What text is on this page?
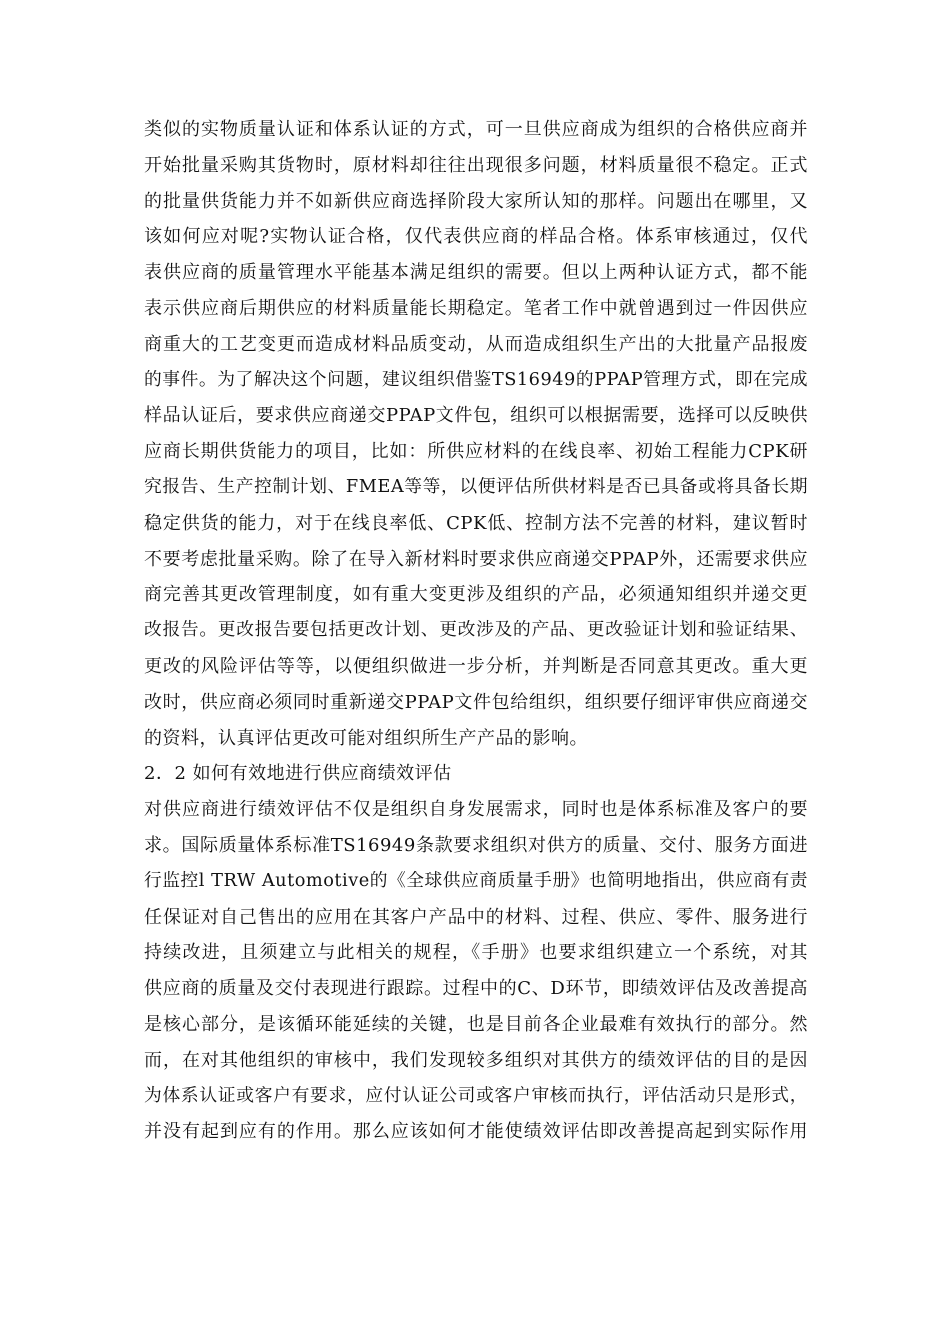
类似的实物质量认证和体系认证的方式，可一旦供应商成为组织的合格供应商并
开始批量采购其货物时，原材料却往往出现很多问题，材料质量很不稳定。正式
的批量供货能力并不如新供应商选择阶段大家所认知的那样。问题出在哪里，又
该如何应对呢?实物认证合格，仅代表供应商的样品合格。体系审核通过，仅代
表供应商的质量管理水平能基本满足组织的需要。但以上两种认证方式，都不能
表示供应商后期供应的材料质量能长期稳定。笔者工作中就曾遇到过一件因供应
商重大的工艺变更而造成材料品质变动，从而造成组织生产出的大批量产品报废
的事件。为了解决这个问题，建议组织借鉴TS16949的PPAP管理方式，即在完成
样品认证后，要求供应商递交PPAP文件包，组织可以根据需要，选择可以反映供
应商长期供货能力的项目，比如：所供应材料的在线良率、初始工程能力CPK研
究报告、生产控制计划、FMEA等等，以便评估所供材料是否已具备或将具备长期
稳定供货的能力，对于在线良率低、CPK低、控制方法不完善的材料，建议暂时
不要考虑批量采购。除了在导入新材料时要求供应商递交PPAP外，还需要求供应
商完善其更改管理制度，如有重大变更涉及组织的产品，必须通知组织并递交更
改报告。更改报告要包括更改计划、更改涉及的产品、更改验证计划和验证结果、
更改的风险评估等等，以便组织做进一步分析，并判断是否同意其更改。重大更
改时，供应商必须同时重新递交PPAP文件包给组织，组织要仔细评审供应商递交
的资料，认真评估更改可能对组织所生产产品的影响。
2．2 如何有效地进行供应商绩效评估
对供应商进行绩效评估不仅是组织自身发展需求，同时也是体系标准及客户的要
求。国际质量体系标准TS16949条款要求组织对供方的质量、交付、服务方面进
行监控l TRW Automotive的《全球供应商质量手册》也简明地指出，供应商有责
任保证对自己售出的应用在其客户产品中的材料、过程、供应、零件、服务进行
持续改进，且须建立与此相关的规程，《手册》也要求组织建立一个系统，对其
供应商的质量及交付表现进行跟踪。过程中的C、D环节，即绩效评估及改善提高
是核心部分，是该循环能延续的关键，也是目前各企业最难有效执行的部分。然
而，在对其他组织的审核中，我们发现较多组织对其供方的绩效评估的目的是因
为体系认证或客户有要求，应付认证公司或客户审核而执行，评估活动只是形式，
并没有起到应有的作用。那么应该如何才能使绩效评估即改善提高起到实际作用
